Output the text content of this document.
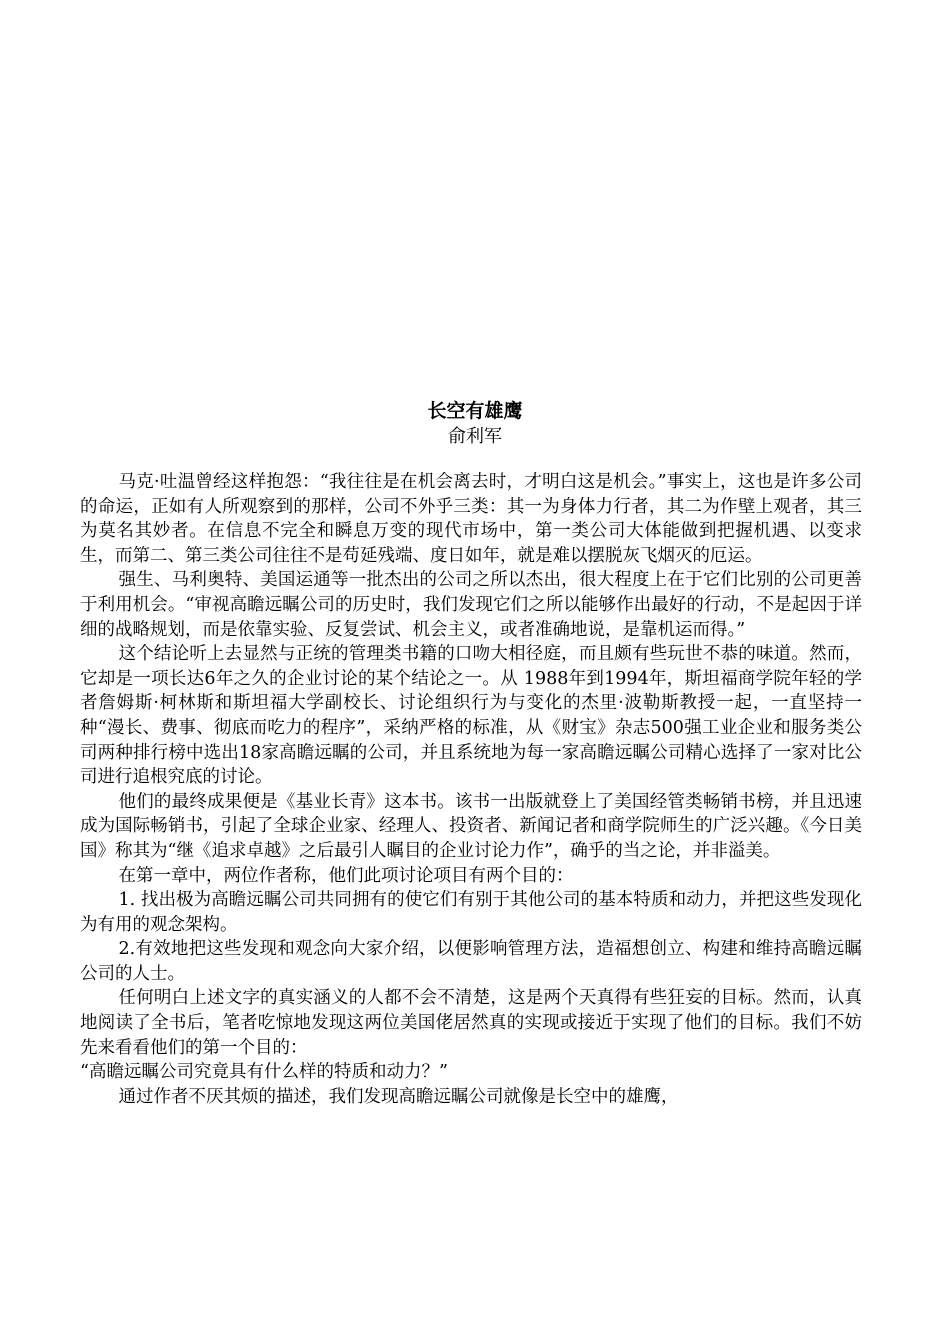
长空有雄鹰
俞利军

马克·吐温曾经这样抱怨：“我往往是在机会离去时，才明白这是机会。”事实上，这也是许多公司的命运，正如有人所观察到的那样，公司不外乎三类：其一为身体力行者，其二为作壁上观者，其三为莫名其妙者。在信息不完全和瞬息万变的现代市场中，第一类公司大体能做到把握机遇、以变求生，而第二、第三类公司往往不是苟延残端、度日如年，就是难以摆脱灰飞烟灭的厄运。

强生、马利奥特、美国运通等一批杰出的公司之所以杰出，很大程度上在于它们比别的公司更善于利用机会。“审视高瞻远瞩公司的历史时，我们发现它们之所以能够作出最好的行动，不是起因于详细的战略规划，而是依靠实验、反复尝试、机会主义，或者准确地说，是靠机运而得。”

这个结论听上去显然与正统的管理类书籍的口吻大相径庭，而且颇有些玩世不恭的味道。然而，它却是一项长达6年之久的企业讨论的某个结论之一。从 1988年到1994年，斯坦福商学院年轻的学者詹姆斯·柯林斯和斯坦福大学副校长、讨论组织行为与变化的杰里·波勒斯教授一起，一直坚持一种“漫长、费事、彻底而吃力的程序”，采纳严格的标准，从《财宝》杂志500强工业企业和服务类公司两种排行榜中选出18家高瞻远瞩的公司，并且系统地为每一家高瞻远瞩公司精心选择了一家对比公司进行追根究底的讨论。

他们的最终成果便是《基业长青》这本书。该书一出版就登上了美国经管类畅销书榜，并且迅速成为国际畅销书，引起了全球企业家、经理人、投资者、新闻记者和商学院师生的广泛兴趣。《今日美国》称其为“继《追求卓越》之后最引人瞩目的企业讨论力作”，确乎的当之论，并非溢美。

在第一章中，两位作者称，他们此项讨论项目有两个目的：

1. 找出极为高瞻远瞩公司共同拥有的使它们有别于其他公司的基本特质和动力，并把这些发现化为有用的观念架构。

2.有效地把这些发现和观念向大家介绍，以便影响管理方法，造福想创立、构建和维持高瞻远瞩公司的人士。

任何明白上述文字的真实涵义的人都不会不清楚，这是两个天真得有些狂妄的目标。然而，认真地阅读了全书后，笔者吃惊地发现这两位美国佬居然真的实现或接近于实现了他们的目标。我们不妨先来看看他们的第一个目的：

“高瞻远瞩公司究竟具有什么样的特质和动力？”

通过作者不厌其烦的描述，我们发现高瞻远瞩公司就像是长空中的雄鹰，
